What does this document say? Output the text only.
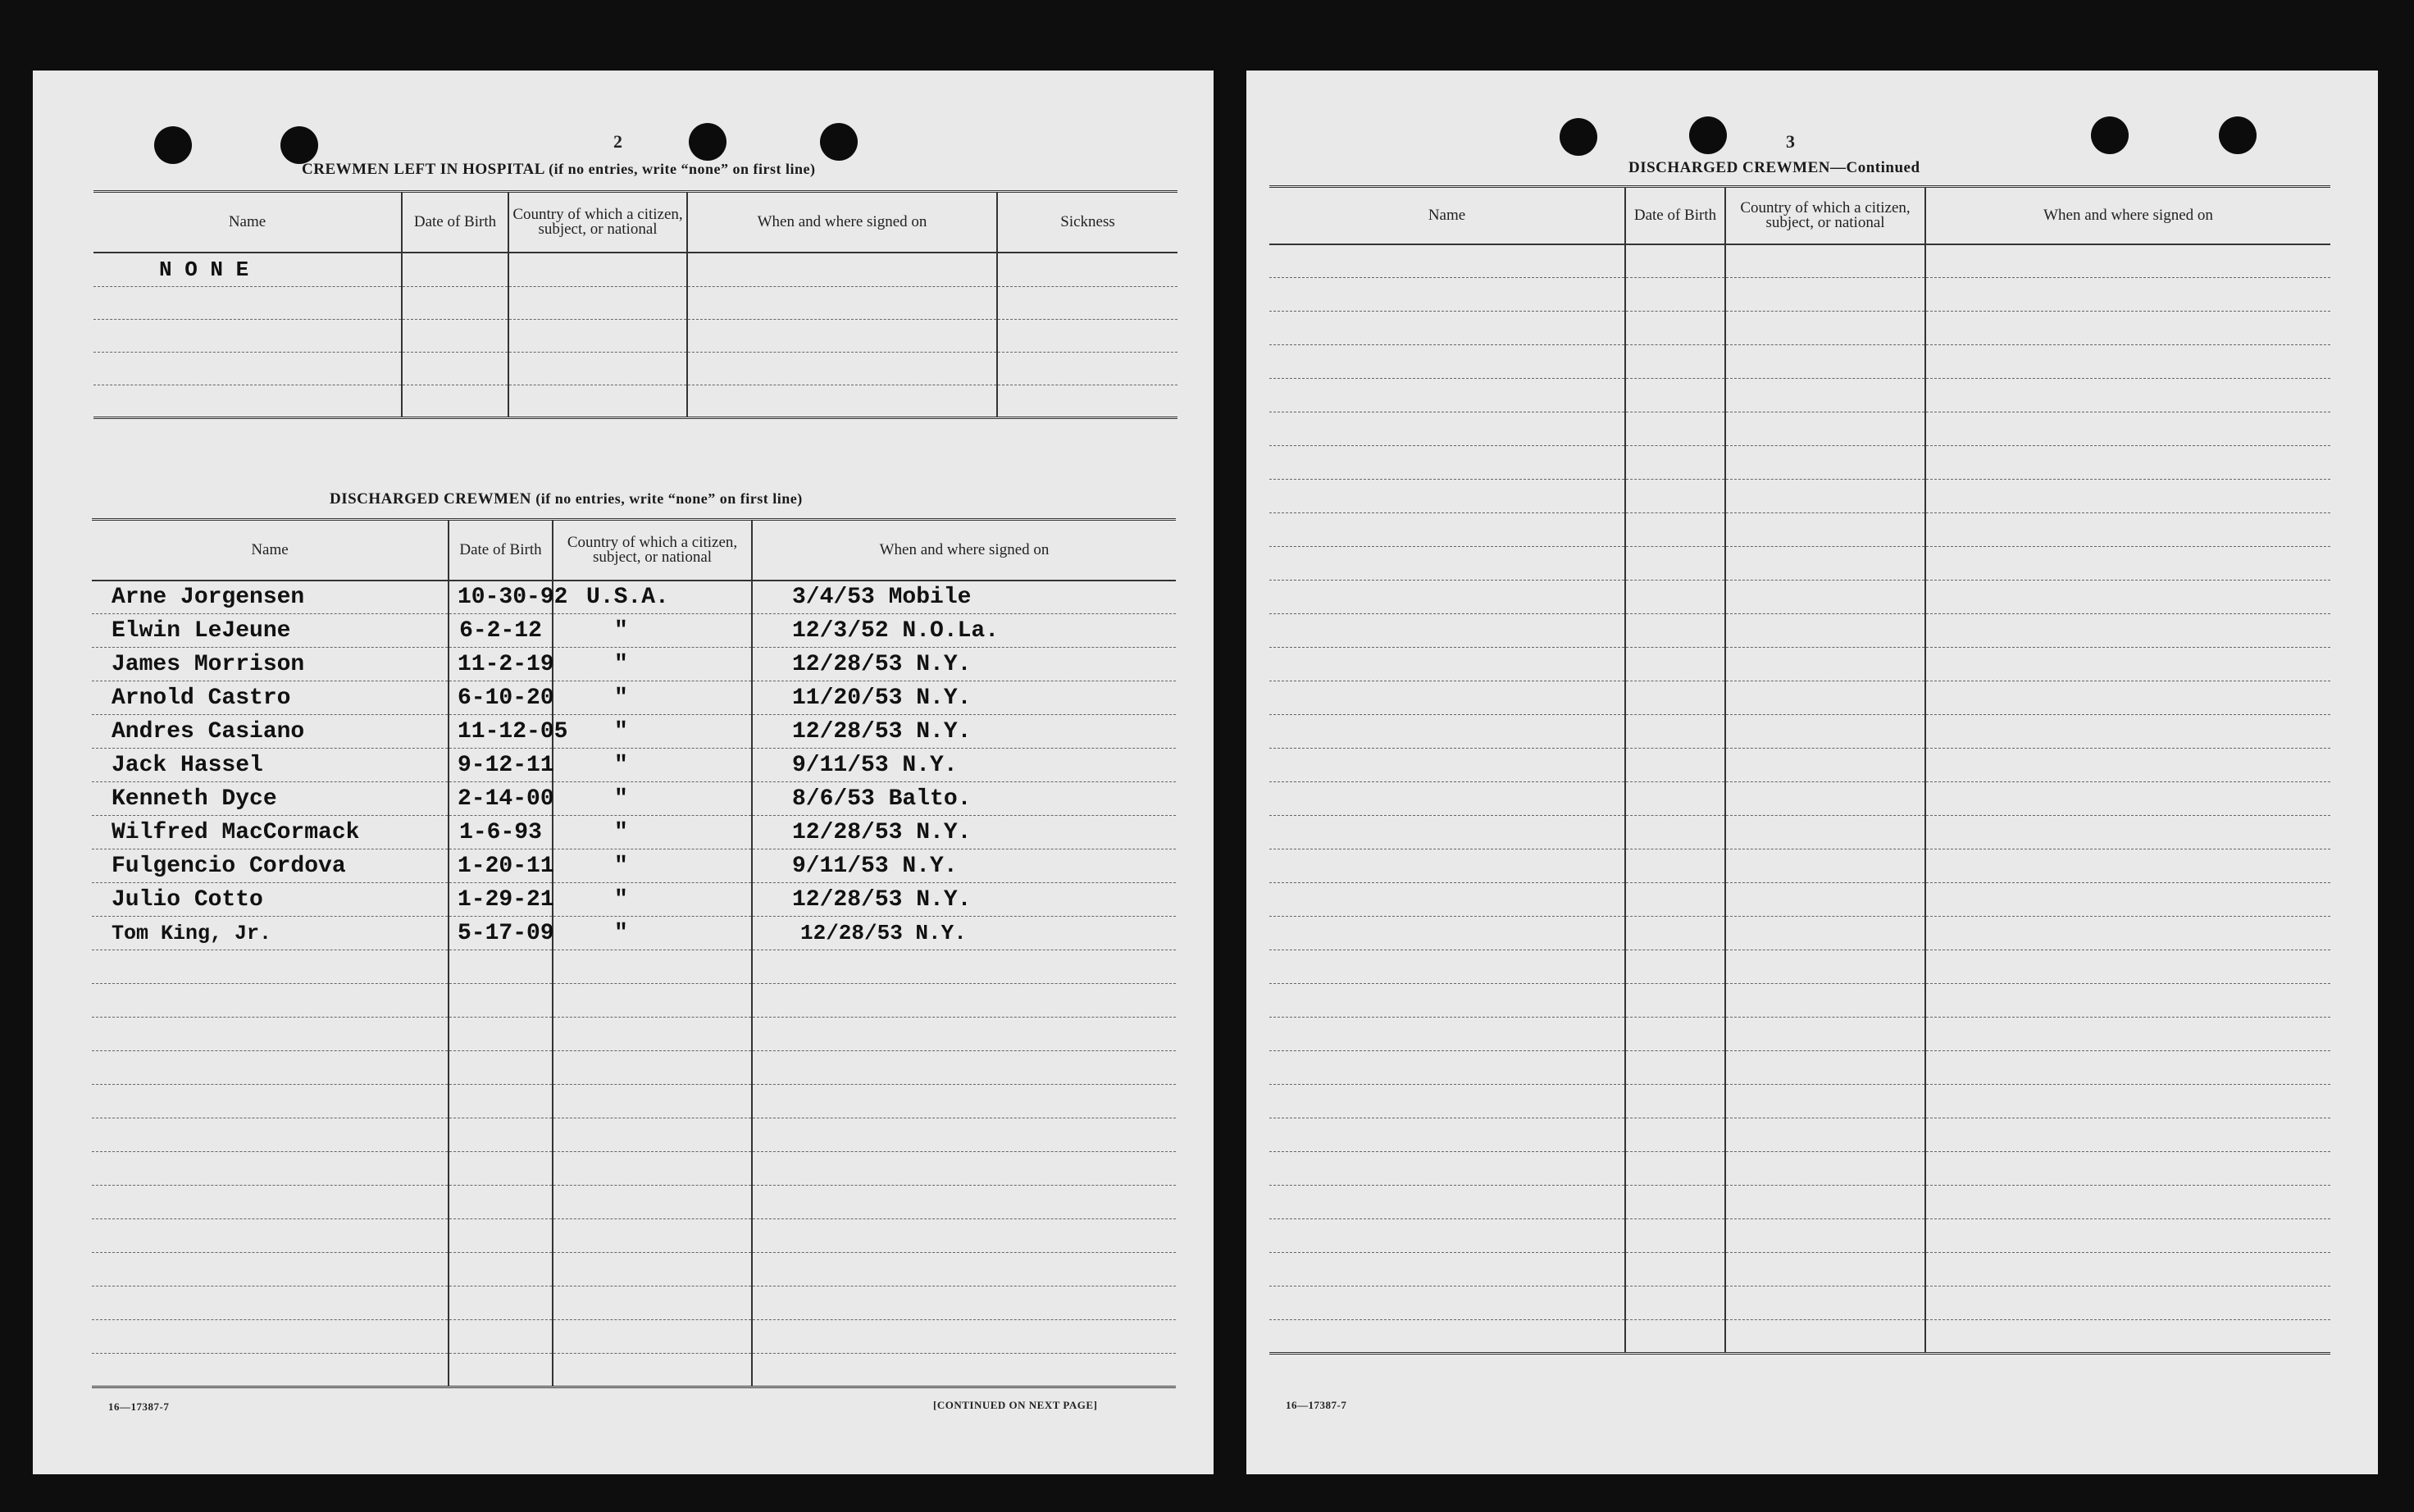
2
CREWMEN LEFT IN HOSPITAL (if no entries, write “none” on first line)
Name	Date of Birth	Country of which a citizen, subject, or national	When and where signed on	Sickness
N O N E				

DISCHARGED CREWMEN (if no entries, write “none” on first line)
Name	Date of Birth	Country of which a citizen, subject, or national	When and where signed on
Arne Jorgensen	10-30-92	U.S.A.	3/4/53 Mobile
Elwin LeJeune	6-2-12	"	12/3/52 N.O.La.
James Morrison	11-2-19	"	12/28/53 N.Y.
Arnold Castro	6-10-20	"	11/20/53 N.Y.
Andres Casiano	11-12-05	"	12/28/53 N.Y.
Jack Hassel	9-12-11	"	9/11/53 N.Y.
Kenneth Dyce	2-14-00	"	8/6/53 Balto.
Wilfred MacCormack	1-6-93	"	12/28/53 N.Y.
Fulgencio Cordova	1-20-11	"	9/11/53 N.Y.
Julio Cotto	1-29-21	"	12/28/53 N.Y.
Tom King, Jr.	5-17-09	"	12/28/53 N.Y.

16—17387-7	[CONTINUED ON NEXT PAGE]
3
DISCHARGED CREWMEN—Continued
Name	Date of Birth	Country of which a citizen, subject, or national	When and where signed on

16—17387-7
